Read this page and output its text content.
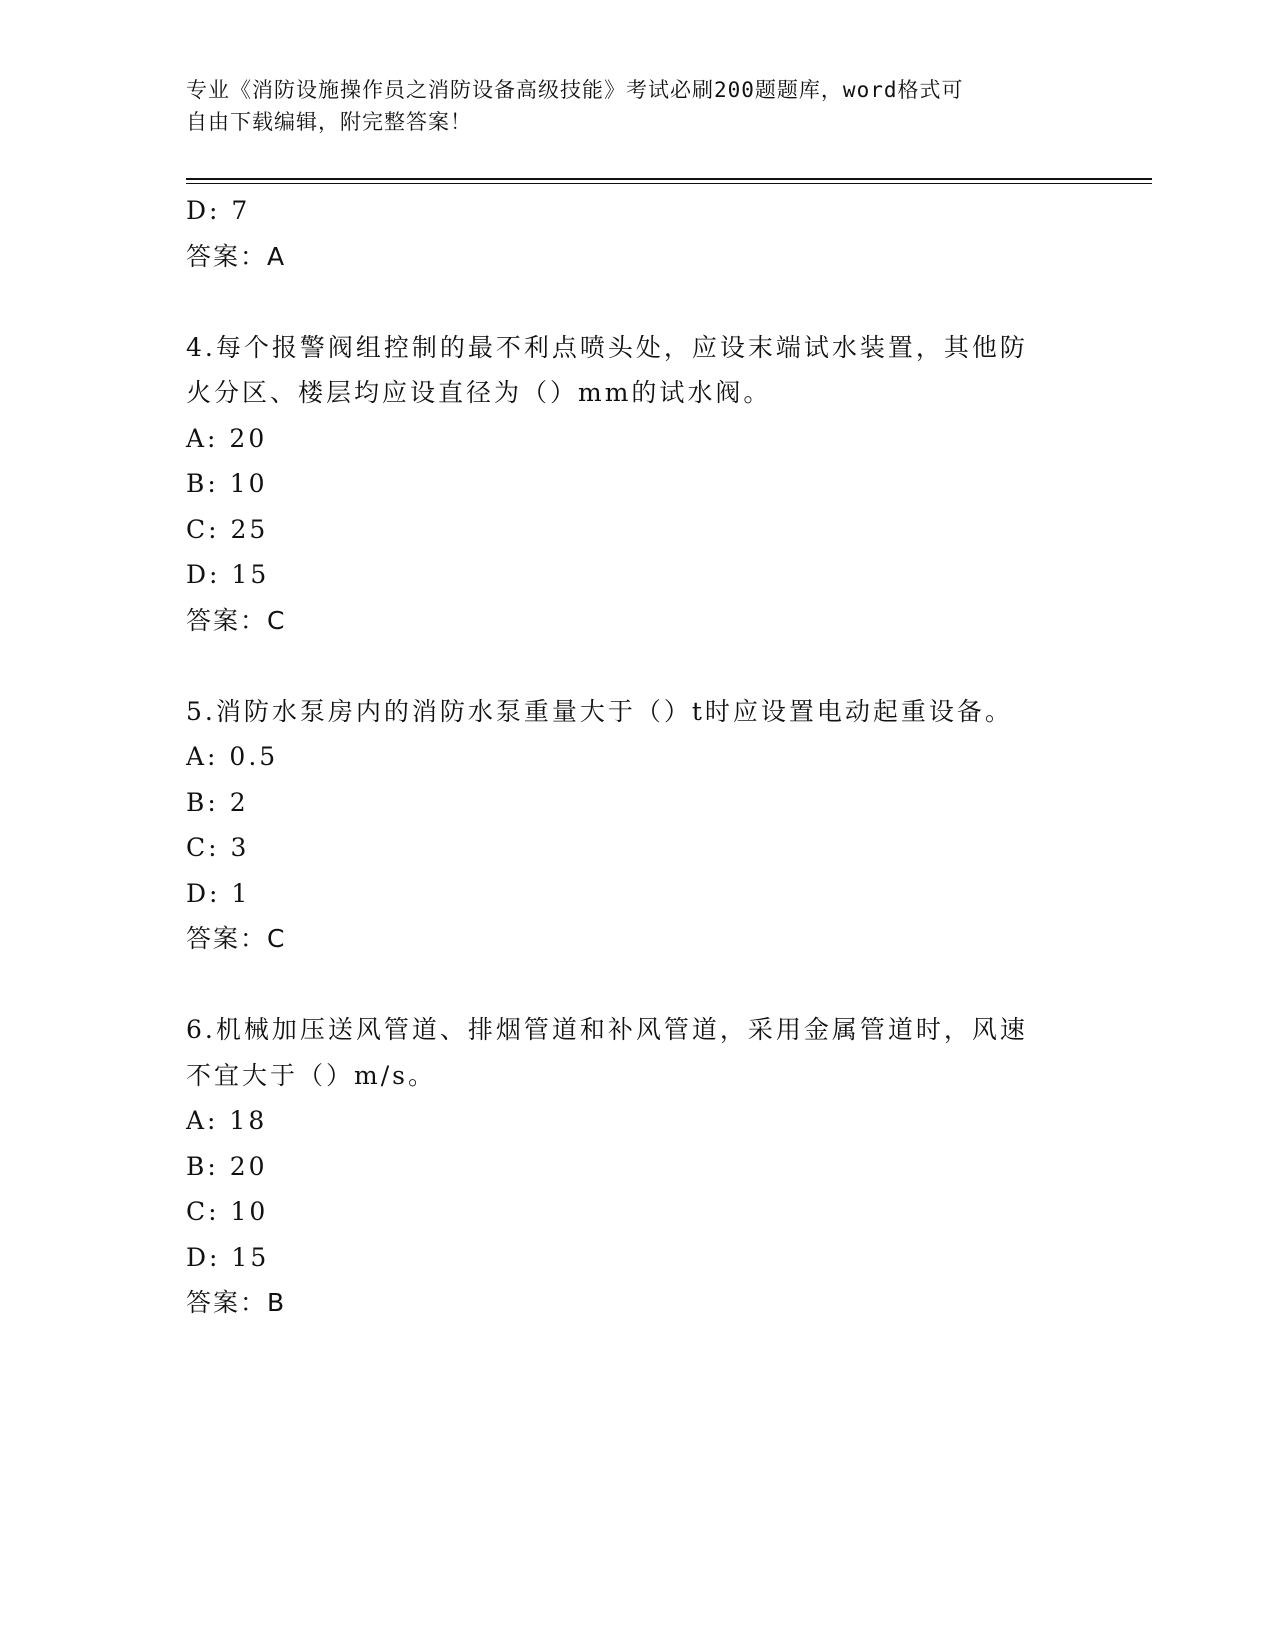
专业《消防设施操作员之消防设备高级技能》考试必刷200题题库，word格式可
自由下载编辑，附完整答案！
D: 7
答案：A
4.每个报警阀组控制的最不利点喷头处，应设末端试水装置，其他防
火分区、楼层均应设直径为（）mm的试水阀。
A: 20
B: 10
C: 25
D: 15
答案：C
5.消防水泵房内的消防水泵重量大于（）t时应设置电动起重设备。
A: 0.5
B: 2
C: 3
D: 1
答案：C
6.机械加压送风管道、排烟管道和补风管道，采用金属管道时，风速
不宜大于（）m/s。
A: 18
B: 20
C: 10
D: 15
答案：B
